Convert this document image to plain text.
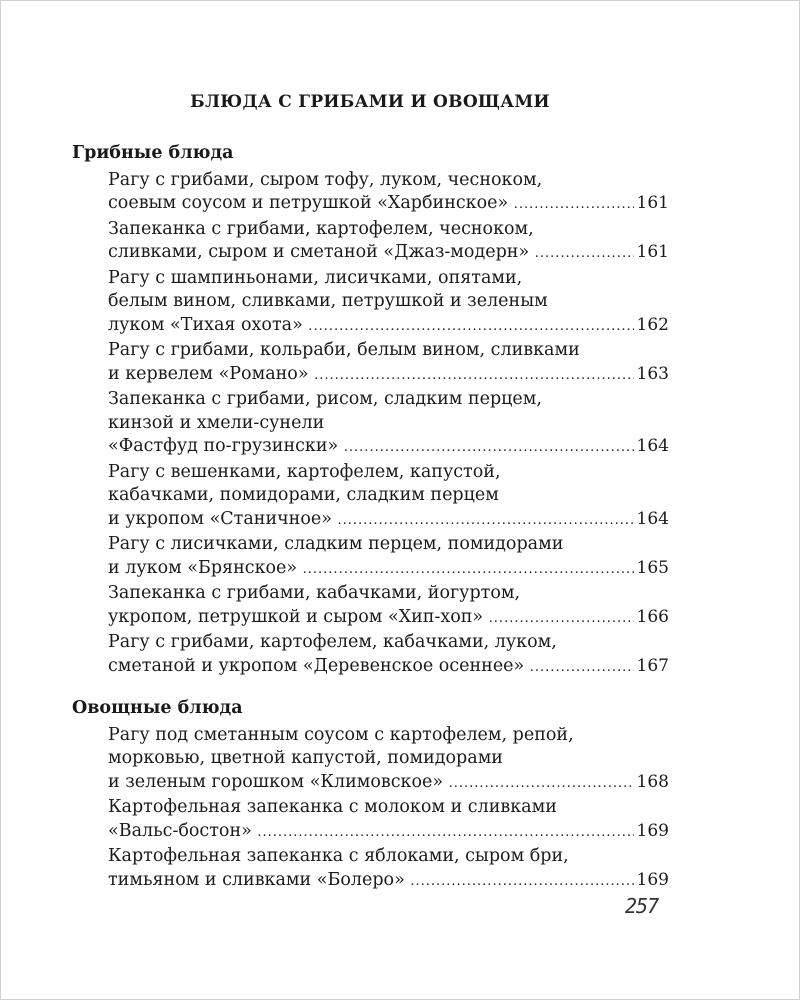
БЛЮДА С ГРИБАМИ И ОВОЩАМИ
Грибные блюда
Рагу с грибами, сыром тофу, луком, чесноком,
соевым соусом и петрушкой «Харбинское» .....	161
Запеканка с грибами, картофелем, чесноком,
сливками, сыром и сметаной «Джаз-модерн» .....	161
Рагу с шампиньонами, лисичками, опятами,
белым вином, сливками, петрушкой и зеленым
луком «Тихая охота» .....	162
Рагу с грибами, кольраби, белым вином, сливками
и кервелем «Романо» .....	163
Запеканка с грибами, рисом, сладким перцем,
кинзой и хмели-сунели
«Фастфуд по-грузински» .....	164
Рагу с вешенками, картофелем, капустой,
кабачками, помидорами, сладким перцем
и укропом «Станичное» .....	164
Рагу с лисичками, сладким перцем, помидорами
и луком «Брянское» .....	165
Запеканка с грибами, кабачками, йогуртом,
укропом, петрушкой и сыром «Хип-хоп» .....	166
Рагу с грибами, картофелем, кабачками, луком,
сметаной и укропом «Деревенское осеннее» .....	167
Овощные блюда
Рагу под сметанным соусом с картофелем, репой,
морковью, цветной капустой, помидорами
и зеленым горошком «Климовское» .....	168
Картофельная запеканка с молоком и сливками
«Вальс-бостон» .....	169
Картофельная запеканка с яблоками, сыром бри,
тимьяном и сливками «Болеро» .....	169
257
